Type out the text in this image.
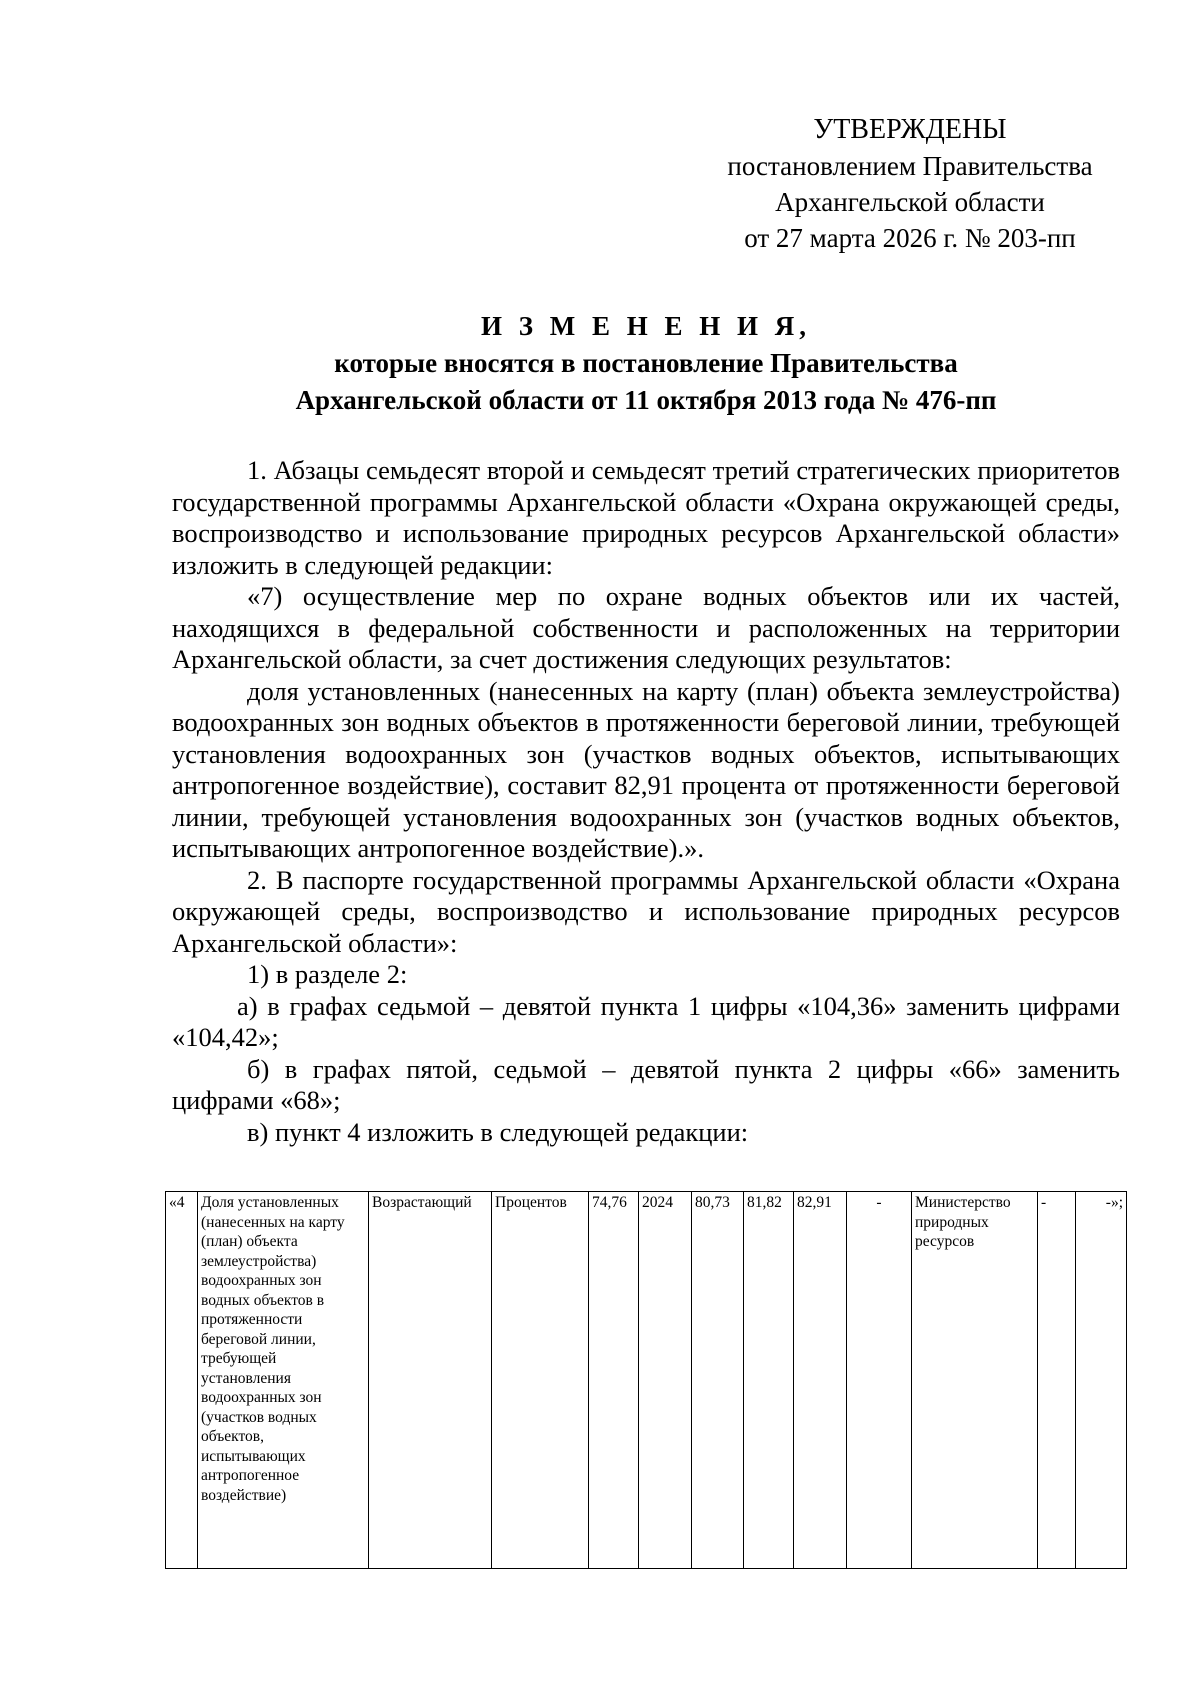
УТВЕРЖДЕНЫ
постановлением Правительства
Архангельской области
от 27 марта 2026 г. № 203-пп
И З М Е Н Е Н И Я,
которые вносятся в постановление Правительства
Архангельской области от 11 октября 2013 года № 476-пп

1. Абзацы семьдесят второй и семьдесят третий стратегических приоритетов государственной программы Архангельской области «Охрана окружающей среды, воспроизводство и использование природных ресурсов Архангельской области» изложить в следующей редакции:

«7) осуществление мер по охране водных объектов или их частей, находящихся в федеральной собственности и расположенных на территории Архангельской области, за счет достижения следующих результатов:

доля установленных (нанесенных на карту (план) объекта землеустройства) водоохранных зон водных объектов в протяженности береговой линии, требующей установления водоохранных зон (участков водных объектов, испытывающих антропогенное воздействие), составит 82,91 процента от протяженности береговой линии, требующей установления водоохранных зон (участков водных объектов, испытывающих антропогенное воздействие).».

2. В паспорте государственной программы Архангельской области «Охрана окружающей среды, воспроизводство и использование природных ресурсов Архангельской области»:

1) в разделе 2:

а) в графах седьмой – девятой пункта 1 цифры «104,36» заменить цифрами «104,42»;

б) в графах пятой, седьмой – девятой пункта 2 цифры «66» заменить цифрами «68»;

в) пункт 4 изложить в следующей редакции:

«4	Доля установленных (нанесенных на карту (план) объекта землеустройства) водоохранных зон водных объектов в протяженности береговой линии, требующей установления водоохранных зон (участков водных объектов, испытывающих антропогенное воздействие)	Возрастающий	Процентов	74,76	2024	80,73	81,82	82,91	-	Министерство природных ресурсов	-	-»;
